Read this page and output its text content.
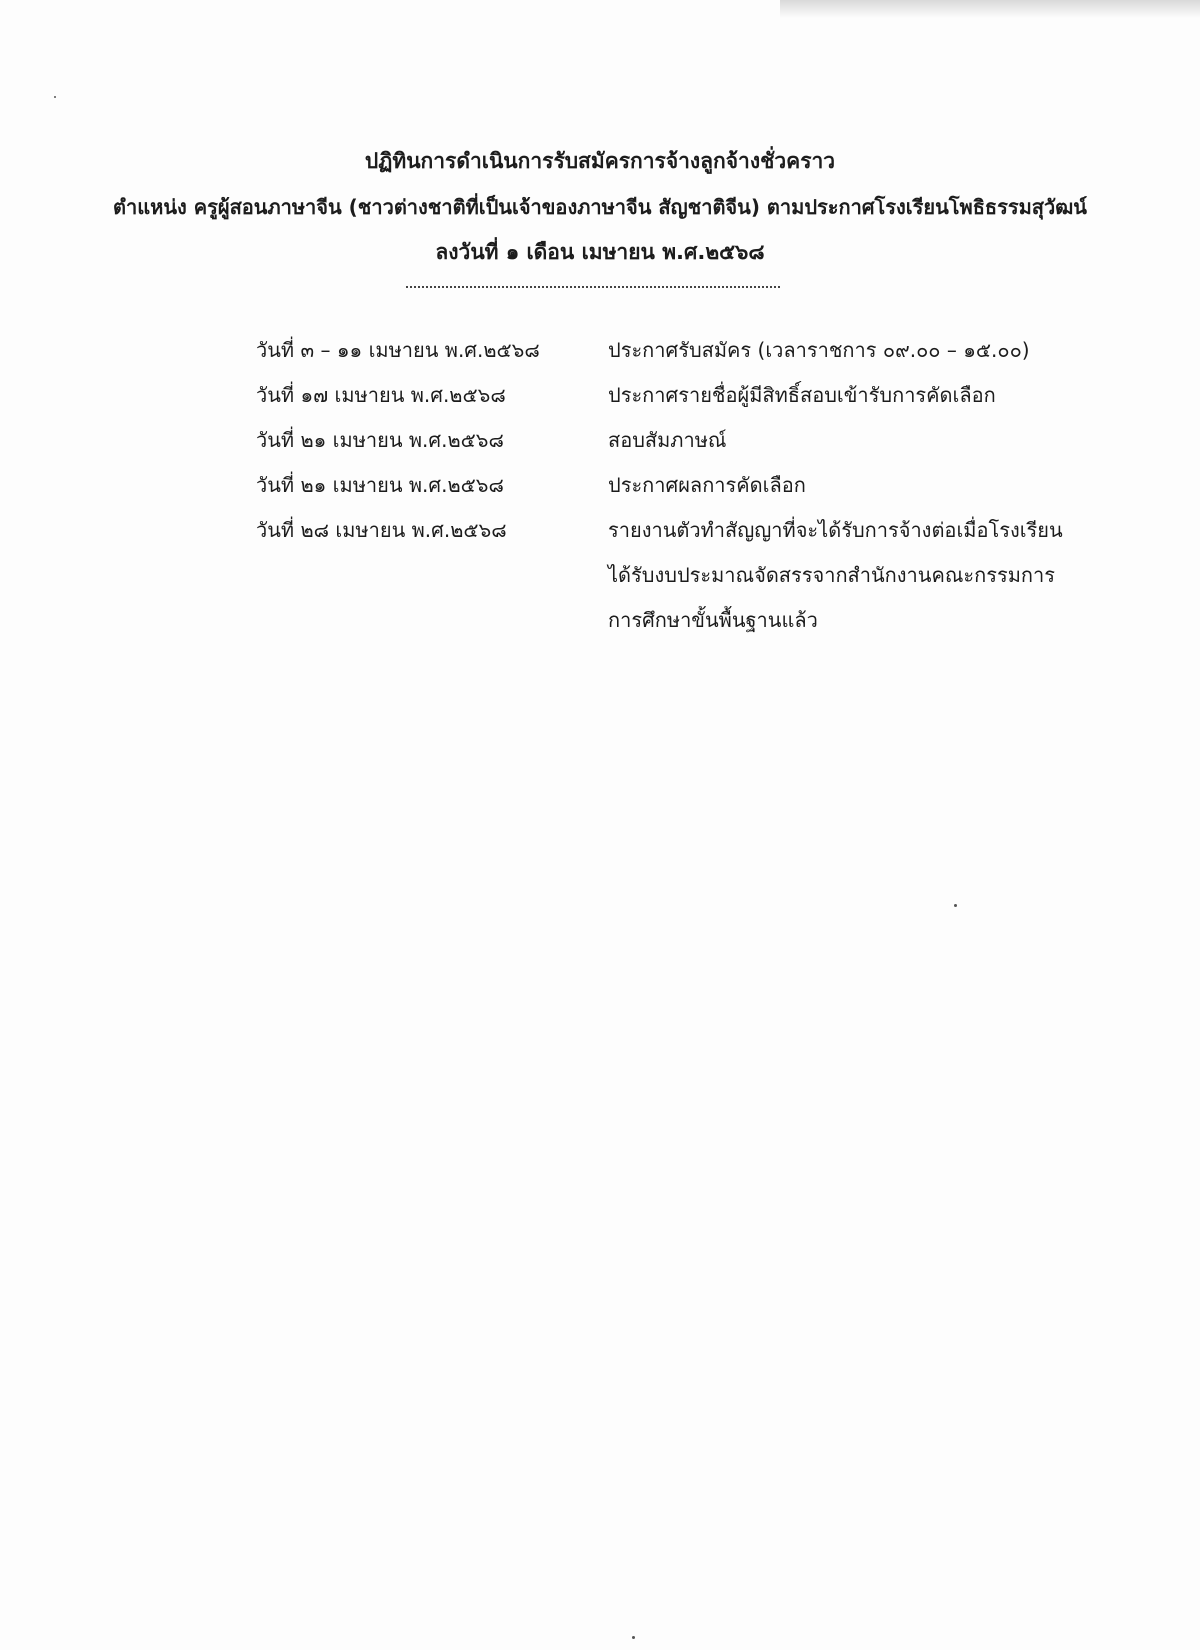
ปฏิทินการดำเนินการรับสมัครการจ้างลูกจ้างชั่วคราว
ตำแหน่ง ครูผู้สอนภาษาจีน (ชาวต่างชาติที่เป็นเจ้าของภาษาจีน สัญชาติจีน) ตามประกาศโรงเรียนโพธิธรรมสุวัฒน์
ลงวันที่ ๑ เดือน เมษายน พ.ศ.๒๕๖๘
วันที่ ๓ – ๑๑ เมษายน พ.ศ.๒๕๖๘	ประกาศรับสมัคร (เวลาราชการ ๐๙.๐๐ – ๑๕.๐๐)
วันที่ ๑๗ เมษายน พ.ศ.๒๕๖๘	ประกาศรายชื่อผู้มีสิทธิ์สอบเข้ารับการคัดเลือก
วันที่ ๒๑ เมษายน พ.ศ.๒๕๖๘	สอบสัมภาษณ์
วันที่ ๒๑ เมษายน พ.ศ.๒๕๖๘	ประกาศผลการคัดเลือก
วันที่ ๒๘ เมษายน พ.ศ.๒๕๖๘	รายงานตัวทำสัญญาที่จะได้รับการจ้างต่อเมื่อโรงเรียน
ได้รับงบประมาณจัดสรรจากสำนักงานคณะกรรมการ
การศึกษาขั้นพื้นฐานแล้ว
